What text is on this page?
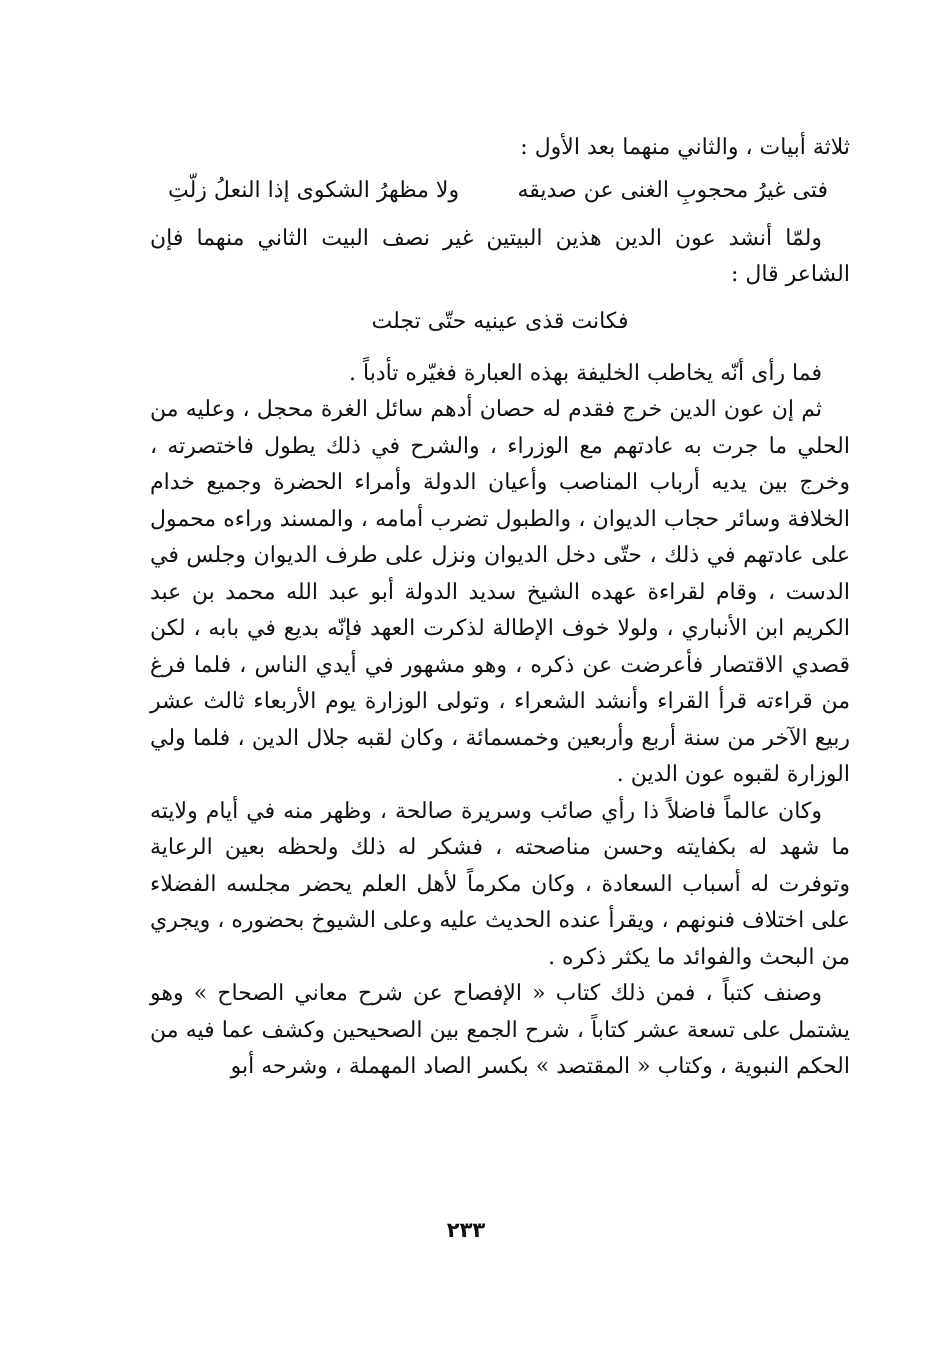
ثلاثة أبيات ، والثاني منهما بعد الأول :

فتى غيرُ محجوبِ الغنى عن صديقه
ولا مظهرُ الشكوى إذا النعلُ زلّتِ

ولمّا أنشد عون الدين هذين البيتين غير نصف البيت الثاني منهما فإن الشاعر قال :

فكانت قذى عينيه حتّى تجلت

فما رأى أنّه يخاطب الخليفة بهذه العبارة فغيّره تأدباً .

ثم إن عون الدين خرج فقدم له حصان أدهم سائل الغرة محجل ، وعليه من الحلي ما جرت به عادتهم مع الوزراء ، والشرح في ذلك يطول فاختصرته ، وخرج بين يديه أرباب المناصب وأعيان الدولة وأمراء الحضرة وجميع خدام الخلافة وسائر حجاب الديوان ، والطبول تضرب أمامه ، والمسند وراءه محمول على عادتهم في ذلك ، حتّى دخل الديوان ونزل على طرف الديوان وجلس في الدست ، وقام لقراءة عهده الشيخ سديد الدولة أبو عبد الله محمد بن عبد الكريم ابن الأنباري ، ولولا خوف الإطالة لذكرت العهد فإنّه بديع في بابه ، لكن قصدي الاقتصار فأعرضت عن ذكره ، وهو مشهور في أيدي الناس ، فلما فرغ من قراءته قرأ القراء وأنشد الشعراء ، وتولى الوزارة يوم الأربعاء ثالث عشر ربيع الآخر من سنة أربع وأربعين وخمسمائة ، وكان لقبه جلال الدين ، فلما ولي الوزارة لقبوه عون الدين .

وكان عالماً فاضلاً ذا رأي صائب وسريرة صالحة ، وظهر منه في أيام ولايته ما شهد له بكفايته وحسن مناصحته ، فشكر له ذلك ولحظه بعين الرعاية وتوفرت له أسباب السعادة ، وكان مكرماً لأهل العلم يحضر مجلسه الفضلاء على اختلاف فنونهم ، ويقرأ عنده الحديث عليه وعلى الشيوخ بحضوره ، ويجري من البحث والفوائد ما يكثر ذكره .

وصنف كتباً ، فمن ذلك كتاب « الإفصاح عن شرح معاني الصحاح » وهو يشتمل على تسعة عشر كتاباً ، شرح الجمع بين الصحيحين وكشف عما فيه من الحكم النبوية ، وكتاب « المقتصد » بكسر الصاد المهملة ، وشرحه أبو

٢٣٣
